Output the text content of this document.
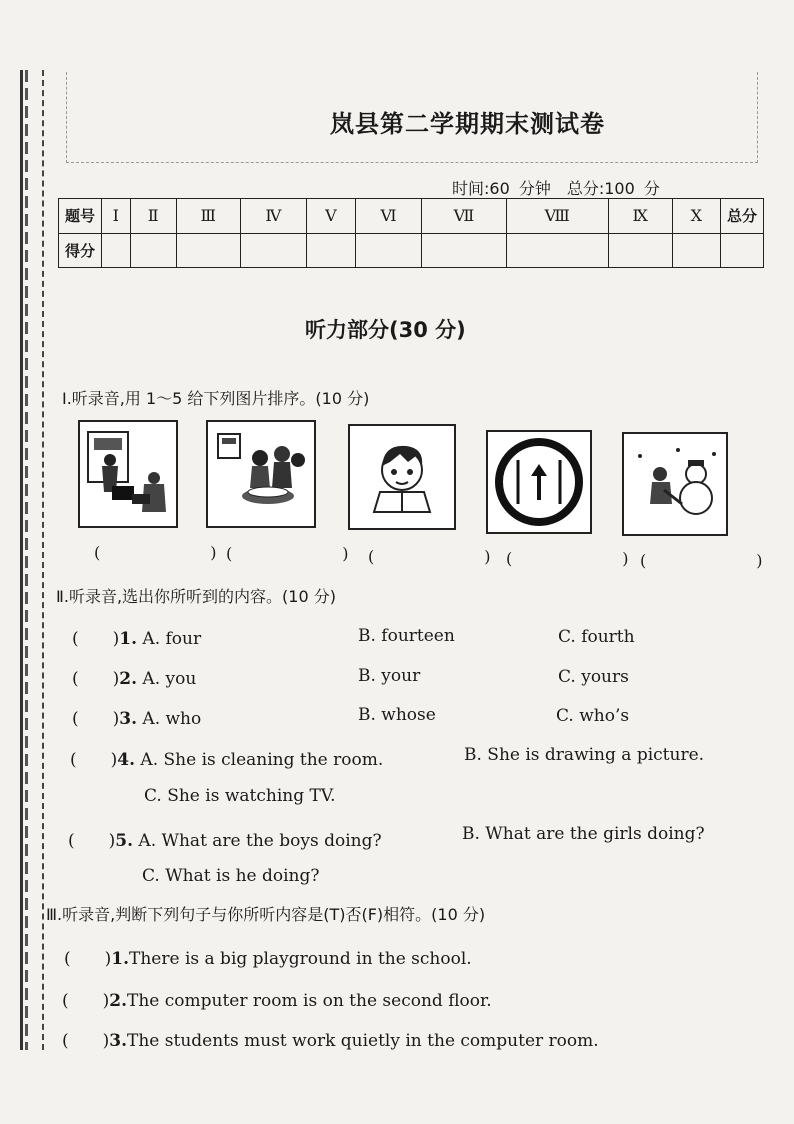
岚县第二学期期末测试卷
时间:60 分钟　总分:100 分
题号	Ⅰ	Ⅱ	Ⅲ	Ⅳ	Ⅴ	Ⅵ	Ⅶ	Ⅷ	Ⅸ	Ⅹ	总分
得分											
听力部分(30 分)
Ⅰ.听录音,用 1～5 给下列图片排序。(10 分)
(　　)
(　　)
(　　)
(　　)
(　　)
Ⅱ.听录音,选出你所听到的内容。(10 分)
(　　)1. A. four	B. fourteen	C. fourth
(　　)2. A. you	B. your	C. yours
(　　)3. A. who	B. whose	C. who’s
(　　)4. A. She is cleaning the room.	B. She is drawing a picture.
C. She is watching TV.
(　　)5. A. What are the boys doing?	B. What are the girls doing?
C. What is he doing?
Ⅲ.听录音,判断下列句子与你所听内容是(T)否(F)相符。(10 分)
(　　)1.There is a big playground in the school.
(　　)2.The computer room is on the second floor.
(　　)3.The students must work quietly in the computer room.
